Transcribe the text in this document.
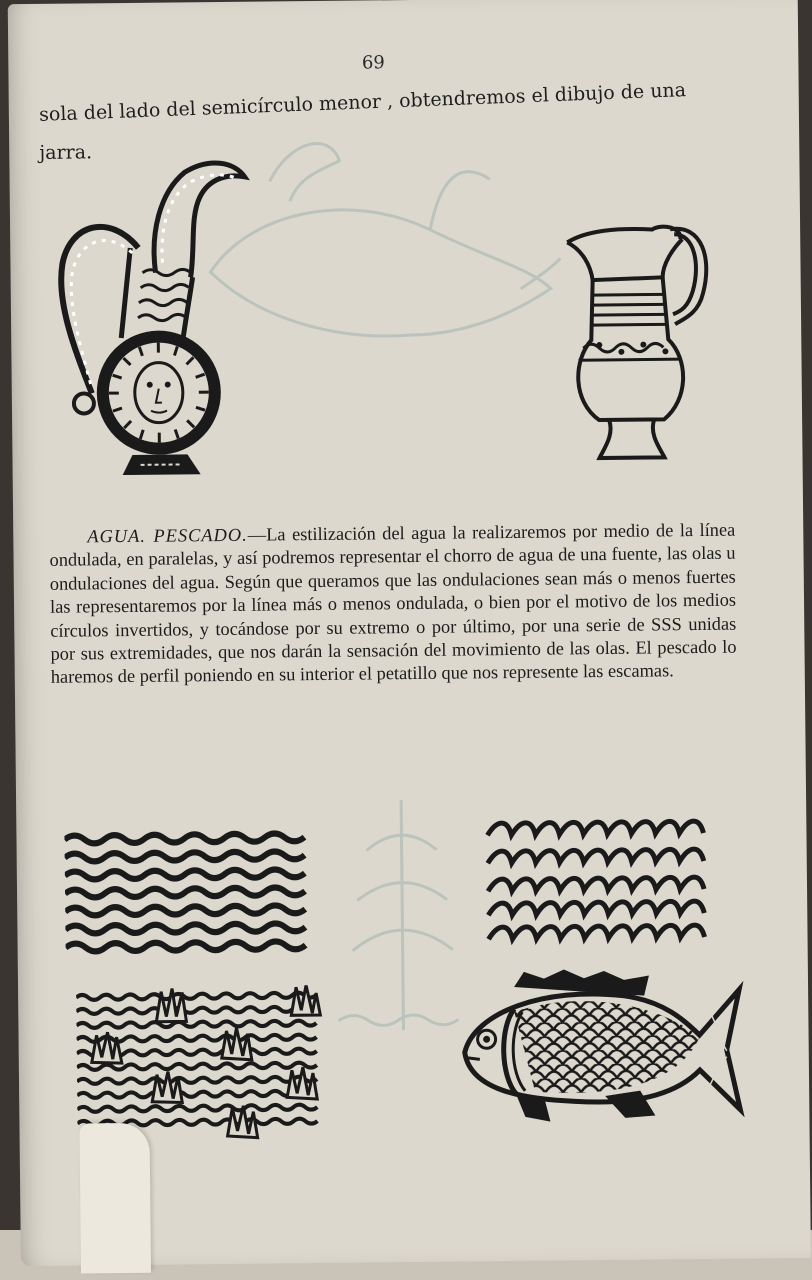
69
sola del lado del semicírculo menor , obtendremos el dibujo de una
jarra.
AGUA. PESCADO.—La estilización del agua la realizaremos por medio de la línea ondulada, en paralelas, y así podremos representar el chorro de agua de una fuente, las olas u ondulaciones del agua. Según que queramos que las ondulaciones sean más o menos fuertes las representaremos por la línea más o menos ondulada, o bien por el motivo de los medios círculos invertidos, y tocándose por su extremo o por último, por una serie de SSS unidas por sus extremidades, que nos darán la sensación del movimiento de las olas. El pescado lo haremos de perfil poniendo en su interior el petatillo que nos represente las escamas.
